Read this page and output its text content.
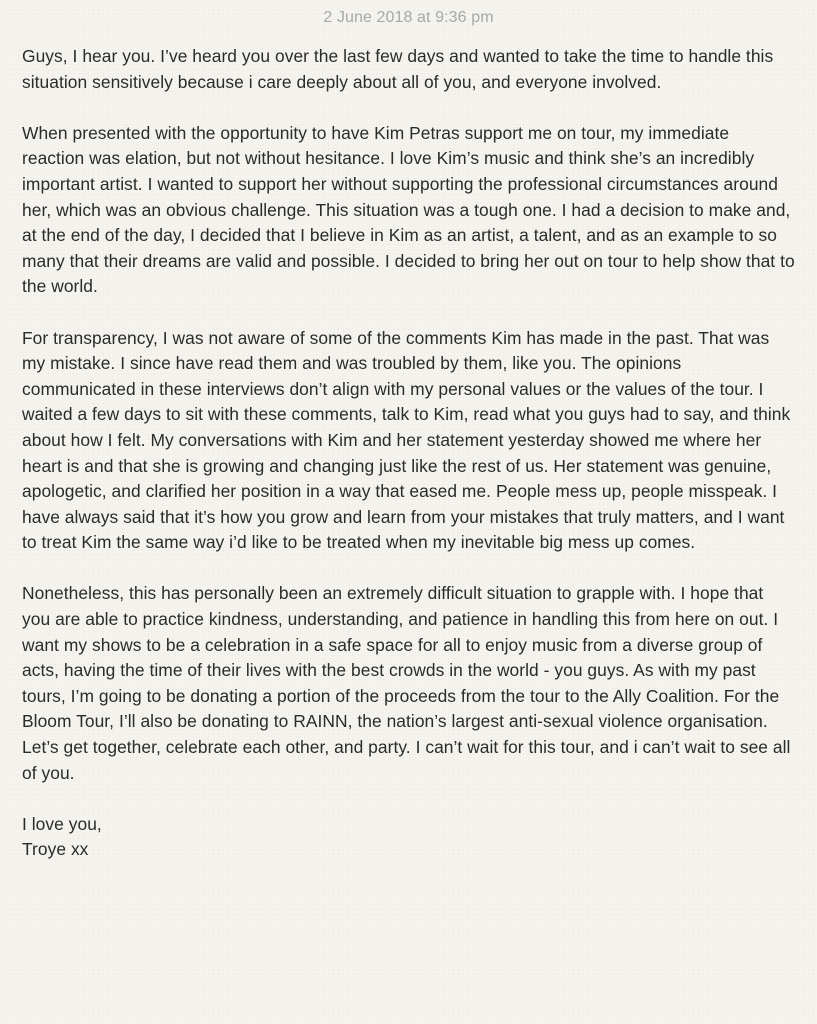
2 June 2018 at 9:36 pm

Guys, I hear you. I’ve heard you over the last few days and wanted to take the time to handle this situation sensitively because i care deeply about all of you, and everyone involved.

When presented with the opportunity to have Kim Petras support me on tour, my immediate reaction was elation, but not without hesitance. I love Kim’s music and think she’s an incredibly important artist. I wanted to support her without supporting the professional circumstances around her, which was an obvious challenge. This situation was a tough one. I had a decision to make and, at the end of the day, I decided that I believe in Kim as an artist, a talent, and as an example to so many that their dreams are valid and possible. I decided to bring her out on tour to help show that to the world.

For transparency, I was not aware of some of the comments Kim has made in the past. That was my mistake. I since have read them and was troubled by them, like you. The opinions communicated in these interviews don’t align with my personal values or the values of the tour. I waited a few days to sit with these comments, talk to Kim, read what you guys had to say, and think about how I felt. My conversations with Kim and her statement yesterday showed me where her heart is and that she is growing and changing just like the rest of us. Her statement was genuine, apologetic, and clarified her position in a way that eased me. People mess up, people misspeak. I have always said that it’s how you grow and learn from your mistakes that truly matters, and I want to treat Kim the same way i’d like to be treated when my inevitable big mess up comes.

Nonetheless, this has personally been an extremely difficult situation to grapple with. I hope that you are able to practice kindness, understanding, and patience in handling this from here on out. I want my shows to be a celebration in a safe space for all to enjoy music from a diverse group of acts, having the time of their lives with the best crowds in the world - you guys. As with my past tours, I’m going to be donating a portion of the proceeds from the tour to the Ally Coalition. For the Bloom Tour, I’ll also be donating to RAINN, the nation’s largest anti-sexual violence organisation. Let’s get together, celebrate each other, and party. I can’t wait for this tour, and i can’t wait to see all of you.

I love you,
Troye xx
